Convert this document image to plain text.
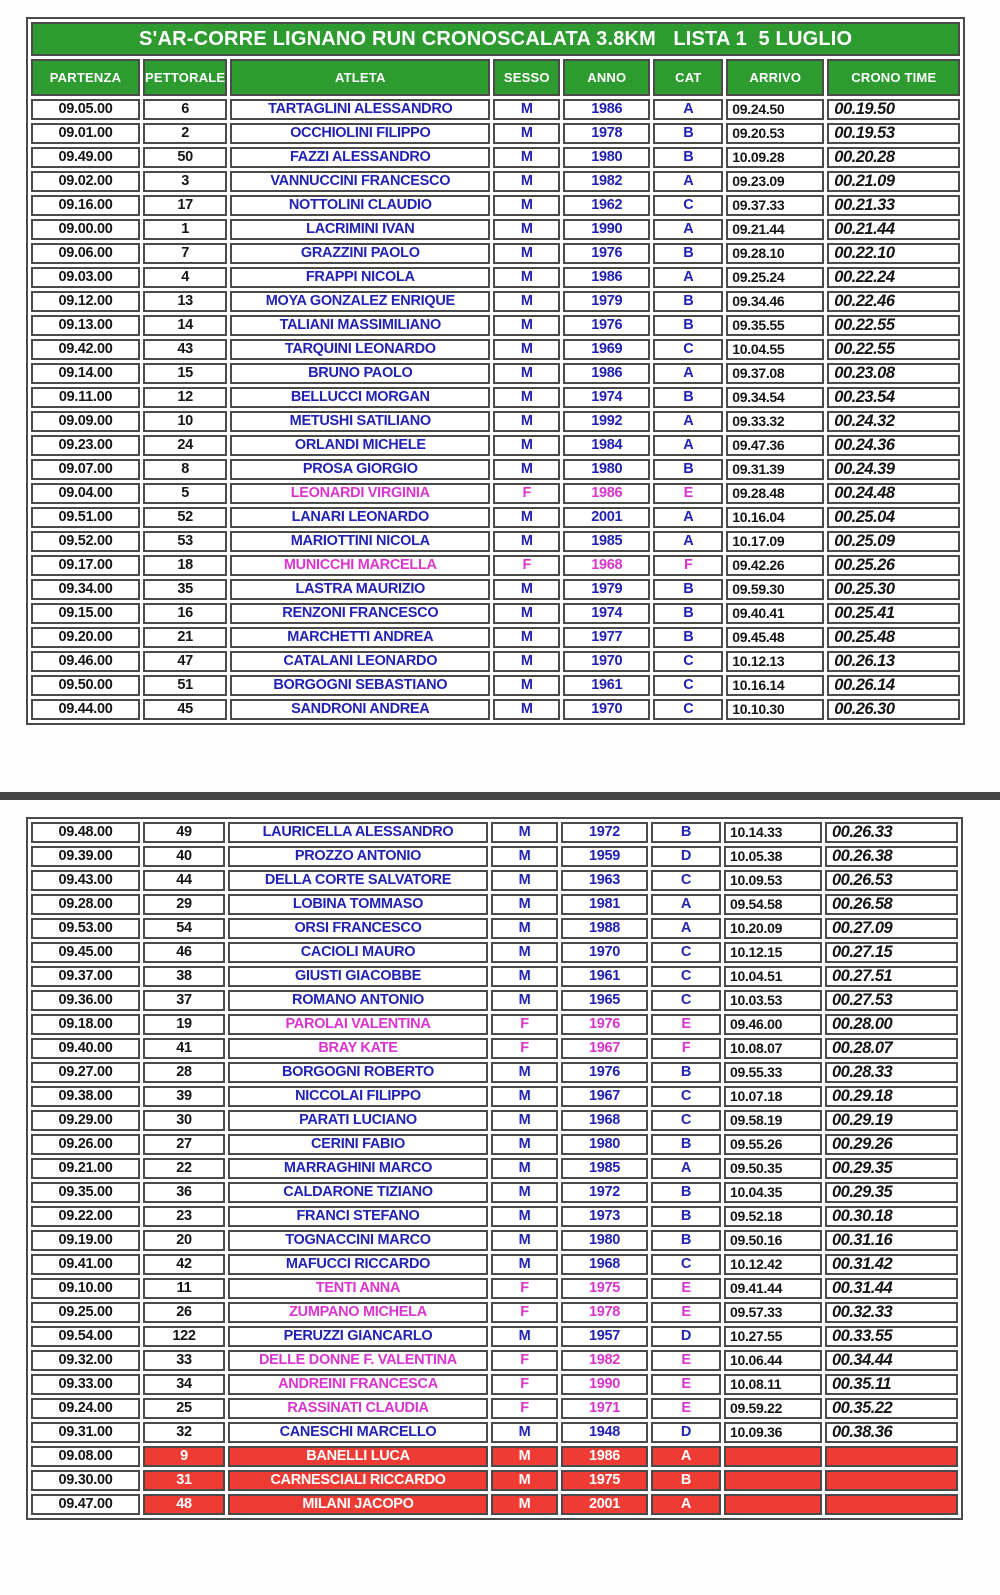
S'AR-CORRE LIGNANO RUN CRONOSCALATA 3.8KM   LISTA 1  5 LUGLIO							
PARTENZA	PETTORALE	ATLETA	SESSO	ANNO	CAT	ARRIVO	CRONO TIME
09.05.00	6	TARTAGLINI ALESSANDRO	M	1986	A	09.24.50	00.19.50
09.01.00	2	OCCHIOLINI FILIPPO	M	1978	B	09.20.53	00.19.53
09.49.00	50	FAZZI ALESSANDRO	M	1980	B	10.09.28	00.20.28
09.02.00	3	VANNUCCINI FRANCESCO	M	1982	A	09.23.09	00.21.09
09.16.00	17	NOTTOLINI CLAUDIO	M	1962	C	09.37.33	00.21.33
09.00.00	1	LACRIMINI IVAN	M	1990	A	09.21.44	00.21.44
09.06.00	7	GRAZZINI PAOLO	M	1976	B	09.28.10	00.22.10
09.03.00	4	FRAPPI NICOLA	M	1986	A	09.25.24	00.22.24
09.12.00	13	MOYA GONZALEZ ENRIQUE	M	1979	B	09.34.46	00.22.46
09.13.00	14	TALIANI MASSIMILIANO	M	1976	B	09.35.55	00.22.55
09.42.00	43	TARQUINI LEONARDO	M	1969	C	10.04.55	00.22.55
09.14.00	15	BRUNO PAOLO	M	1986	A	09.37.08	00.23.08
09.11.00	12	BELLUCCI MORGAN	M	1974	B	09.34.54	00.23.54
09.09.00	10	METUSHI SATILIANO	M	1992	A	09.33.32	00.24.32
09.23.00	24	ORLANDI MICHELE	M	1984	A	09.47.36	00.24.36
09.07.00	8	PROSA GIORGIO	M	1980	B	09.31.39	00.24.39
09.04.00	5	LEONARDI VIRGINIA	F	1986	E	09.28.48	00.24.48
09.51.00	52	LANARI LEONARDO	M	2001	A	10.16.04	00.25.04
09.52.00	53	MARIOTTINI NICOLA	M	1985	A	10.17.09	00.25.09
09.17.00	18	MUNICCHI MARCELLA	F	1968	F	09.42.26	00.25.26
09.34.00	35	LASTRA MAURIZIO	M	1979	B	09.59.30	00.25.30
09.15.00	16	RENZONI FRANCESCO	M	1974	B	09.40.41	00.25.41
09.20.00	21	MARCHETTI ANDREA	M	1977	B	09.45.48	00.25.48
09.46.00	47	CATALANI LEONARDO	M	1970	C	10.12.13	00.26.13
09.50.00	51	BORGOGNI SEBASTIANO	M	1961	C	10.16.14	00.26.14
09.44.00	45	SANDRONI ANDREA	M	1970	C	10.10.30	00.26.30
09.48.00	49	LAURICELLA ALESSANDRO	M	1972	B	10.14.33	00.26.33
09.39.00	40	PROZZO ANTONIO	M	1959	D	10.05.38	00.26.38
09.43.00	44	DELLA CORTE SALVATORE	M	1963	C	10.09.53	00.26.53
09.28.00	29	LOBINA TOMMASO	M	1981	A	09.54.58	00.26.58
09.53.00	54	ORSI FRANCESCO	M	1988	A	10.20.09	00.27.09
09.45.00	46	CACIOLI MAURO	M	1970	C	10.12.15	00.27.15
09.37.00	38	GIUSTI GIACOBBE	M	1961	C	10.04.51	00.27.51
09.36.00	37	ROMANO ANTONIO	M	1965	C	10.03.53	00.27.53
09.18.00	19	PAROLAI VALENTINA	F	1976	E	09.46.00	00.28.00
09.40.00	41	BRAY KATE	F	1967	F	10.08.07	00.28.07
09.27.00	28	BORGOGNI ROBERTO	M	1976	B	09.55.33	00.28.33
09.38.00	39	NICCOLAI FILIPPO	M	1967	C	10.07.18	00.29.18
09.29.00	30	PARATI LUCIANO	M	1968	C	09.58.19	00.29.19
09.26.00	27	CERINI FABIO	M	1980	B	09.55.26	00.29.26
09.21.00	22	MARRAGHINI MARCO	M	1985	A	09.50.35	00.29.35
09.35.00	36	CALDARONE TIZIANO	M	1972	B	10.04.35	00.29.35
09.22.00	23	FRANCI STEFANO	M	1973	B	09.52.18	00.30.18
09.19.00	20	TOGNACCINI MARCO	M	1980	B	09.50.16	00.31.16
09.41.00	42	MAFUCCI RICCARDO	M	1968	C	10.12.42	00.31.42
09.10.00	11	TENTI ANNA	F	1975	E	09.41.44	00.31.44
09.25.00	26	ZUMPANO MICHELA	F	1978	E	09.57.33	00.32.33
09.54.00	122	PERUZZI GIANCARLO	M	1957	D	10.27.55	00.33.55
09.32.00	33	DELLE DONNE F. VALENTINA	F	1982	E	10.06.44	00.34.44
09.33.00	34	ANDREINI FRANCESCA	F	1990	E	10.08.11	00.35.11
09.24.00	25	RASSINATI CLAUDIA	F	1971	E	09.59.22	00.35.22
09.31.00	32	CANESCHI MARCELLO	M	1948	D	10.09.36	00.38.36
09.08.00	9	BANELLI LUCA	M	1986	A		
09.30.00	31	CARNESCIALI RICCARDO	M	1975	B		
09.47.00	48	MILANI JACOPO	M	2001	A		
